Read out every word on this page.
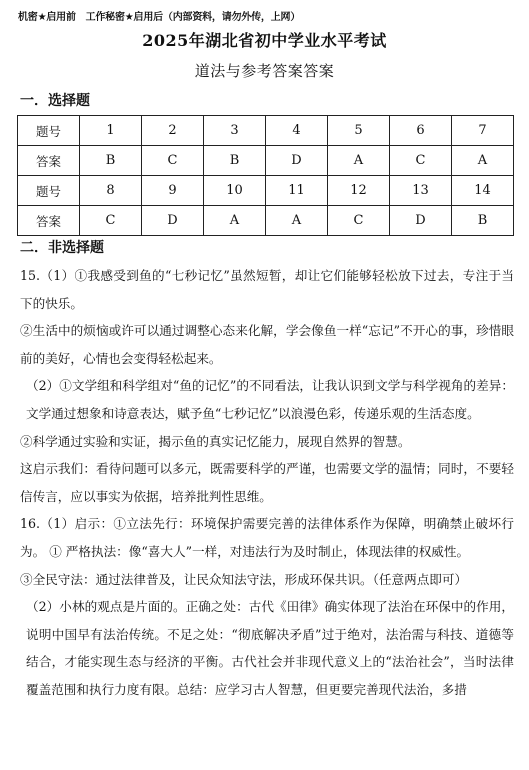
机密★启用前　工作秘密★启用后（内部资料，请勿外传，上网）
2025年湖北省初中学业水平考试
道法与参考答案答案
一．选择题
题号	1	2	3	4	5	6	7
答案	B	C	B	D	A	C	A
题号	8	9	10	11	12	13	14
答案	C	D	A	A	C	D	B
二．非选择题

15.（1）①我感受到鱼的“七秒记忆”虽然短暂，却让它们能够轻松放下过去，专注于当下的快乐。

②生活中的烦恼或许可以通过调整心态来化解，学会像鱼一样“忘记”不开心的事，珍惜眼前的美好，心情也会变得轻松起来。

（2）①文学组和科学组对“鱼的记忆”的不同看法，让我认识到文学与科学视角的差异：文学通过想象和诗意表达，赋予鱼“七秒记忆”以浪漫色彩，传递乐观的生活态度。

②科学通过实验和实证，揭示鱼的真实记忆能力，展现自然界的智慧。

这启示我们：看待问题可以多元，既需要科学的严谨，也需要文学的温情；同时，不要轻信传言，应以事实为依据，培养批判性思维。

16.（1）启示：①立法先行：环境保护需要完善的法律体系作为保障，明确禁止破坏行为。 ① 严格执法：像“喜大人”一样，对违法行为及时制止，体现法律的权威性。

③全民守法：通过法律普及，让民众知法守法，形成环保共识。（任意两点即可）

（2）小林的观点是片面的。正确之处：古代《田律》确实体现了法治在环保中的作用，说明中国早有法治传统。不足之处：“彻底解决矛盾”过于绝对，法治需与科技、道德等结合，才能实现生态与经济的平衡。古代社会并非现代意义上的“法治社会”，当时法律覆盖范围和执行力度有限。总结：应学习古人智慧，但更要完善现代法治，多措
